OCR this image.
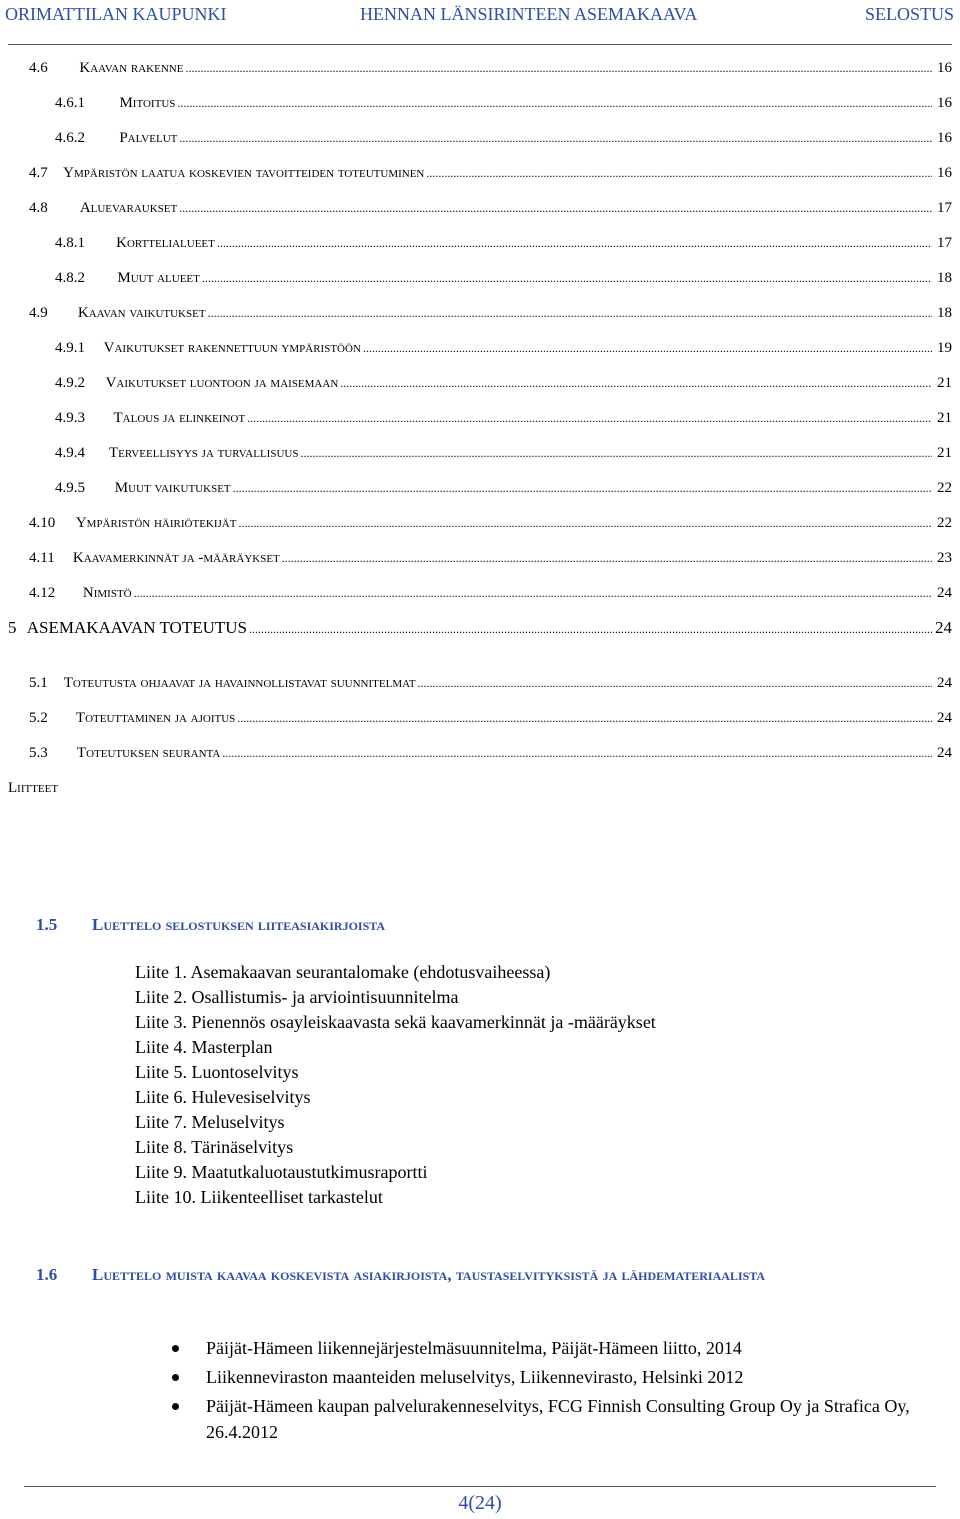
ORIMATTILAN KAUPUNKI	HENNAN LÄNSIRINTEEN ASEMAKAAVA	SELOSTUS
4.6	Kaavan rakenne .....	16
4.6.1	Mitoitus .....	16
4.6.2	Palvelut .....	16
4.7	Ympäristön laatua koskevien tavoitteiden toteutuminen .....	16
4.8	Aluevaraukset .....	17
4.8.1	Korttelialueet .....	17
4.8.2	Muut alueet .....	18
4.9	Kaavan vaikutukset .....	18
4.9.1	Vaikutukset rakennettuun ympäristöön .....	19
4.9.2	Vaikutukset luontoon ja maisemaan .....	21
4.9.3	Talous ja elinkeinot .....	21
4.9.4	Terveellisyys ja turvallisuus .....	21
4.9.5	Muut vaikutukset .....	22
4.10	Ympäristön häiriötekijät .....	22
4.11	Kaavamerkinnät ja -määräykset .....	23
4.12	Nimistö .....	24
5 ASEMAKAAVAN TOTEUTUS .....	24
5.1	Toteutusta ohjaavat ja havainnollistavat suunnitelmat .....	24
5.2	Toteuttaminen ja ajoitus .....	24
5.3	Toteutuksen seuranta .....	24
Liitteet
1.5 Luettelo selostuksen liiteasiakirjoista
Liite 1. Asemakaavan seurantalomake (ehdotusvaiheessa)
Liite 2. Osallistumis- ja arviointisuunnitelma
Liite 3. Pienennös osayleiskaavasta sekä kaavamerkinnät ja -määräykset
Liite 4. Masterplan
Liite 5. Luontoselvitys
Liite 6. Hulevesiselvitys
Liite 7. Meluselvitys
Liite 8. Tärinäselvitys
Liite 9. Maatutkaluotaustutkimusraportti
Liite 10. Liikenteelliset tarkastelut
1.6 Luettelo muista kaavaa koskevista asiakirjoista, taustaselvityksistä ja lähdemateriaalista
Päijät-Hämeen liikennejärjestelmäsuunnitelma, Päijät-Hämeen liitto, 2014
Liikenneviraston maanteiden meluselvitys, Liikennevirasto, Helsinki 2012
Päijät-Hämeen kaupan palvelurakenneselvitys, FCG Finnish Consulting Group Oy ja Strafica Oy, 26.4.2012
4(24)
